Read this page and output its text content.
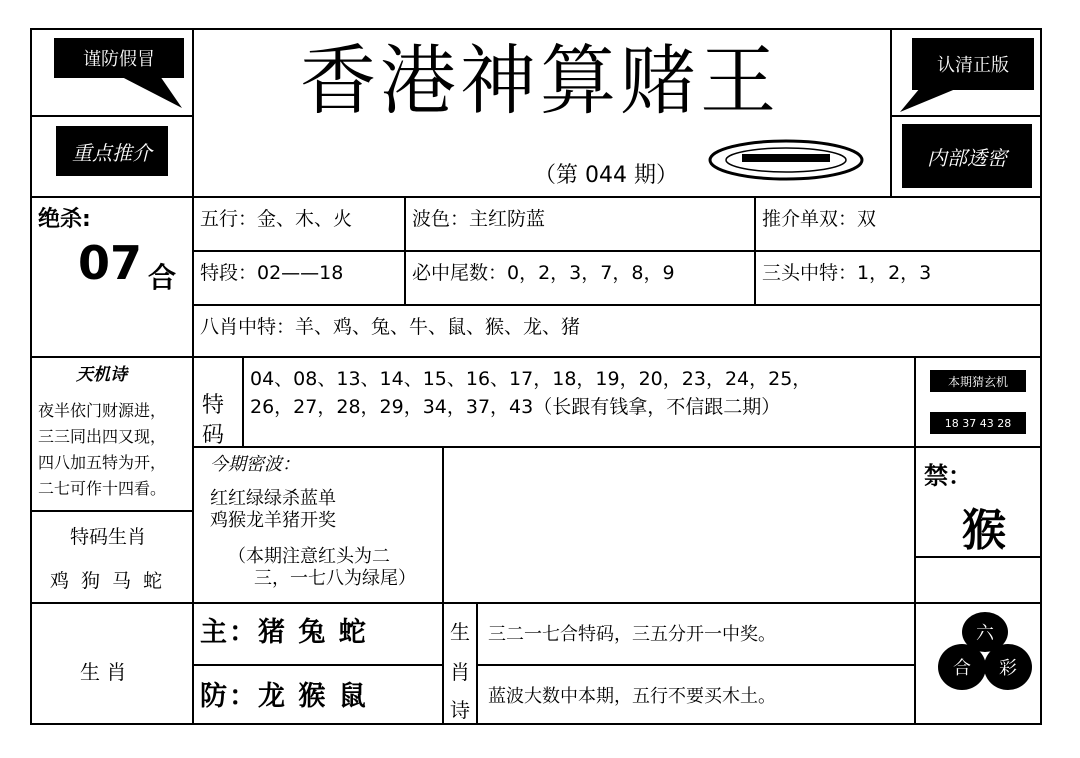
谨防假冒
重点推介
香港神算赌王
（第 044 期）
认清正版
内部透密
绝杀:
07 合
五行：金、木、火	波色：主红防蓝	推介单双：双
特段：02——18	必中尾数：0，2，3，7，8，9	三头中特：1，2，3
八肖中特：羊、鸡、兔、牛、鼠、猴、龙、猪
天机诗
夜半依门财源进，
三三同出四又现，
四八加五特为开，
二七可作十四看。
特
码
04、08、13、14、15、16、17，18，19，20，23，24，25，
26，27，28，29，34，37，43（长跟有钱拿，不信跟二期）
本期猜玄机
18 37 43 28
禁：
猴
今期密波：
红红绿绿杀蓝单
鸡猴龙羊猪开奖
（本期注意红头为二
三，一七八为绿尾）
特码生肖
鸡 狗 马 蛇
生 肖
主：猪 兔 蛇
防：龙 猴 鼠
生
肖
诗
三二一七合特码，三五分开一中奖。
蓝波大数中本期，五行不要买木土。
六
合 彩
